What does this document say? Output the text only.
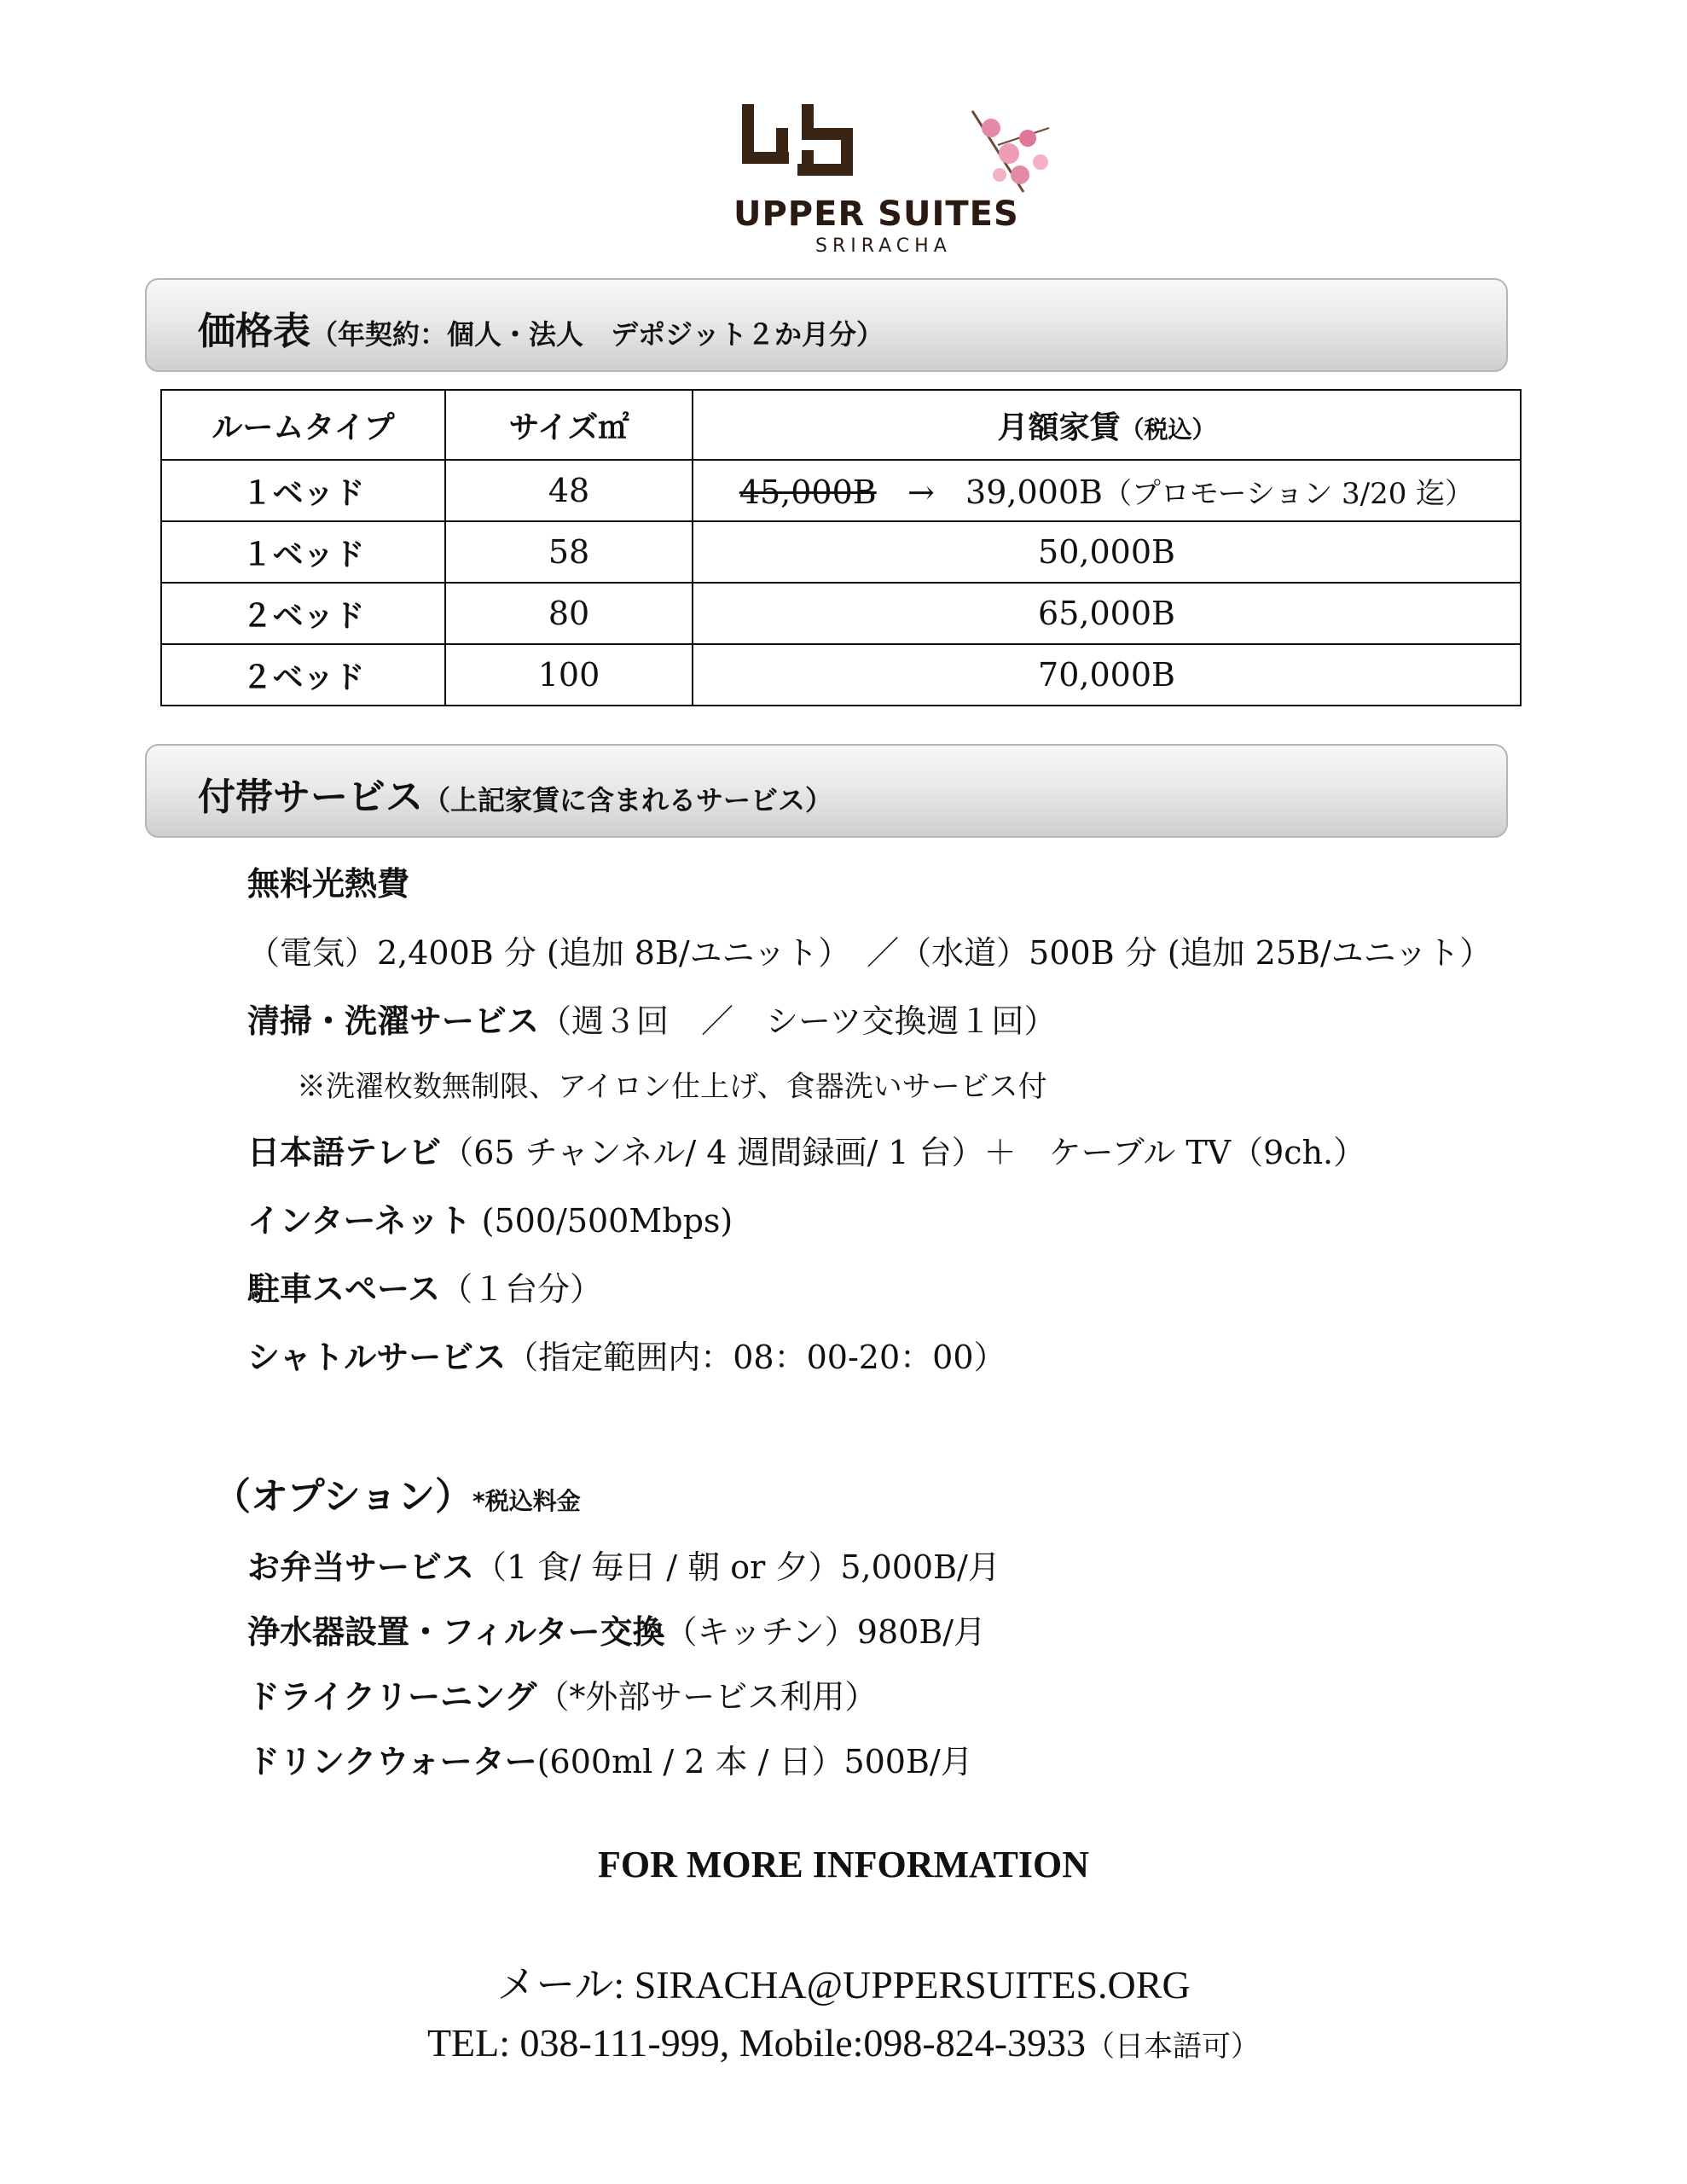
UPPER SUITES
SRIRACHA
価格表（年契約：個人・法人　デポジット２か月分）
ルームタイプ	サイズ㎡	月額家賃（税込）
１ベッド	48	45,000B → 39,000B（プロモーション 3/20 迄）
１ベッド	58	50,000B
２ベッド	80	65,000B
２ベッド	100	70,000B
付帯サービス（上記家賃に含まれるサービス）
無料光熱費
（電気）2,400B 分 (追加 8B/ユニット）　／（水道）500B 分 (追加 25B/ユニット）
清掃・洗濯サービス（週３回　／　シーツ交換週１回）
※洗濯枚数無制限、アイロン仕上げ、食器洗いサービス付
日本語テレビ（65 チャンネル/ 4 週間録画/ 1 台）＋　ケーブル TV（9ch.）
インターネット (500/500Mbps)
駐車スペース（１台分）
シャトルサービス（指定範囲内：08：00-20：00）
（オプション）*税込料金
お弁当サービス（1 食/ 毎日 / 朝 or 夕）5,000B/月
浄水器設置・フィルター交換（キッチン）980B/月
ドライクリーニング（*外部サービス利用）
ドリンクウォーター(600ml / 2 本 / 日）500B/月
FOR MORE INFORMATION
メール: SIRACHA@UPPERSUITES.ORG
TEL: 038-111-999, Mobile:098-824-3933（日本語可）
